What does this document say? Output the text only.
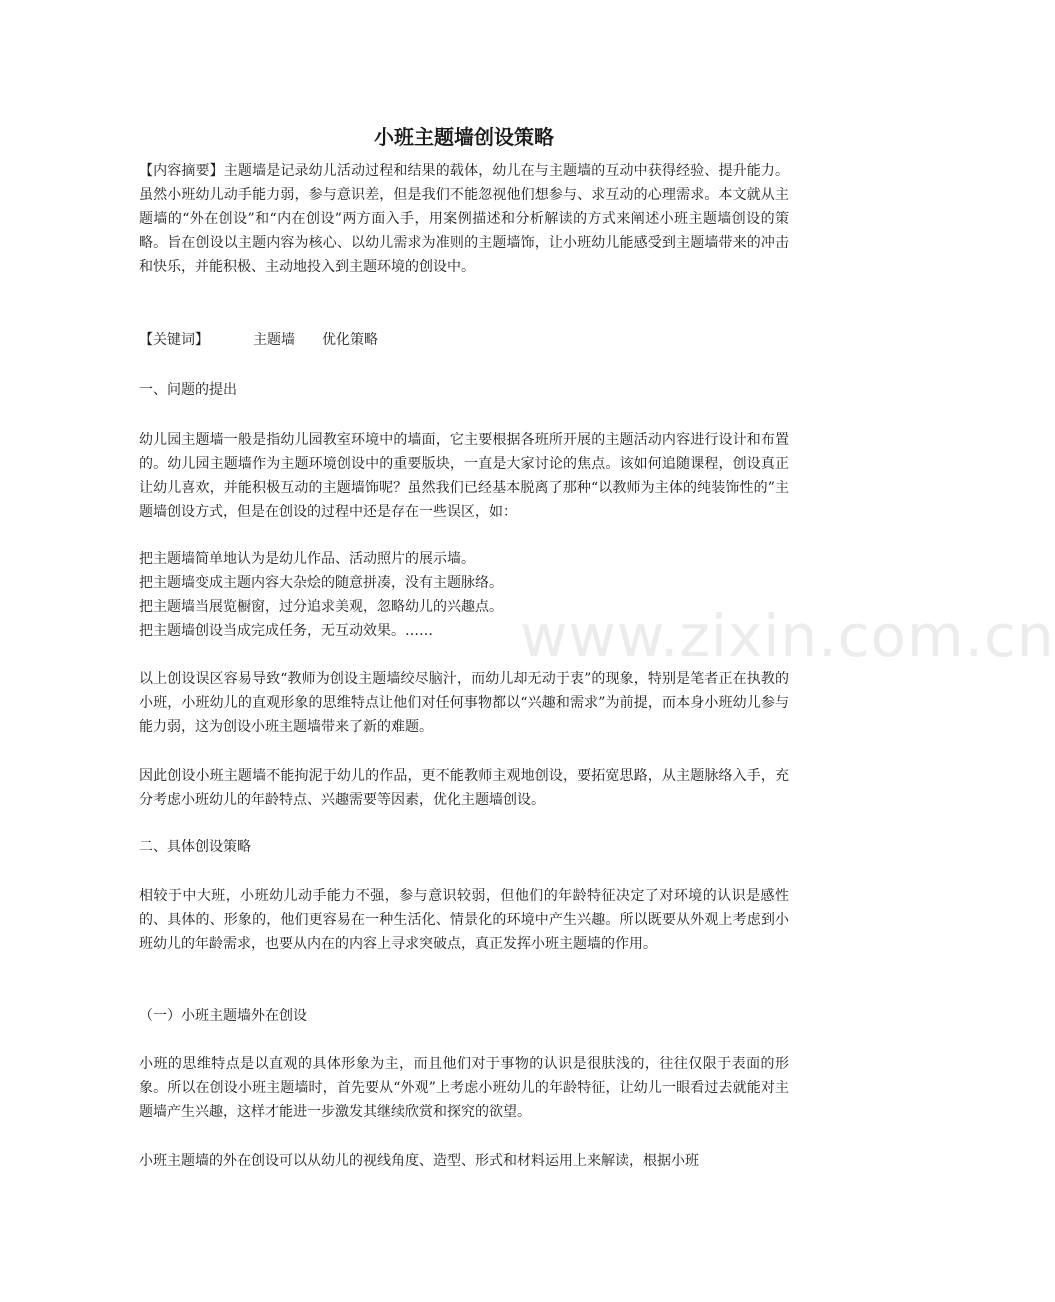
www.zixin.com.cn
小班主题墙创设策略
【内容摘要】主题墙是记录幼儿活动过程和结果的载体，幼儿在与主题墙的互动中获得经验、提升能力。虽然小班幼儿动手能力弱，参与意识差，但是我们不能忽视他们想参与、求互动的心理需求。本文就从主题墙的“外在创设”和“内在创设”两方面入手，用案例描述和分析解读的方式来阐述小班主题墙创设的策略。旨在创设以主题内容为核心、以幼儿需求为准则的主题墙饰，让小班幼儿能感受到主题墙带来的冲击和快乐，并能积极、主动地投入到主题环境的创设中。
【关键词】	主题墙 优化策略
一、问题的提出
幼儿园主题墙一般是指幼儿园教室环境中的墙面，它主要根据各班所开展的主题活动内容进行设计和布置的。幼儿园主题墙作为主题环境创设中的重要版块，一直是大家讨论的焦点。该如何追随课程，创设真正让幼儿喜欢，并能积极互动的主题墙饰呢？虽然我们已经基本脱离了那种“以教师为主体的纯装饰性的”主题墙创设方式，但是在创设的过程中还是存在一些误区，如：
把主题墙简单地认为是幼儿作品、活动照片的展示墙。
把主题墙变成主题内容大杂烩的随意拼凑，没有主题脉络。
把主题墙当展览橱窗，过分追求美观，忽略幼儿的兴趣点。
把主题墙创设当成完成任务，无互动效果。……
以上创设误区容易导致“教师为创设主题墙绞尽脑汁，而幼儿却无动于衷”的现象，特别是笔者正在执教的小班，小班幼儿的直观形象的思维特点让他们对任何事物都以“兴趣和需求”为前提，而本身小班幼儿参与能力弱，这为创设小班主题墙带来了新的难题。
因此创设小班主题墙不能拘泥于幼儿的作品，更不能教师主观地创设，要拓宽思路，从主题脉络入手，充分考虑小班幼儿的年龄特点、兴趣需要等因素，优化主题墙创设。
二、具体创设策略
相较于中大班，小班幼儿动手能力不强，参与意识较弱，但他们的年龄特征决定了对环境的认识是感性的、具体的、形象的，他们更容易在一种生活化、情景化的环境中产生兴趣。所以既要从外观上考虑到小班幼儿的年龄需求，也要从内在的内容上寻求突破点，真正发挥小班主题墙的作用。
（一）小班主题墙外在创设
小班的思维特点是以直观的具体形象为主，而且他们对于事物的认识是很肤浅的，往往仅限于表面的形象。所以在创设小班主题墙时，首先要从“外观”上考虑小班幼儿的年龄特征，让幼儿一眼看过去就能对主题墙产生兴趣，这样才能进一步激发其继续欣赏和探究的欲望。
小班主题墙的外在创设可以从幼儿的视线角度、造型、形式和材料运用上来解读，根据小班
